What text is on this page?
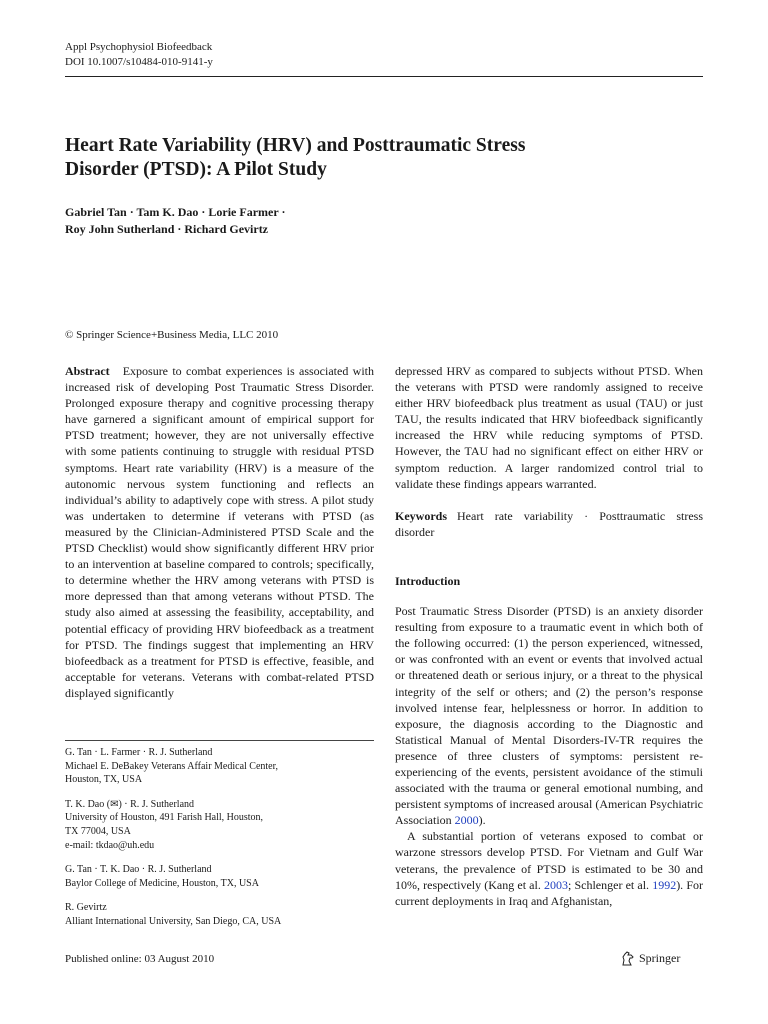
Appl Psychophysiol Biofeedback
DOI 10.1007/s10484-010-9141-y
Heart Rate Variability (HRV) and Posttraumatic Stress
Disorder (PTSD): A Pilot Study
Gabriel Tan · Tam K. Dao · Lorie Farmer ·
Roy John Sutherland · Richard Gevirtz
© Springer Science+Business Media, LLC 2010

Abstract Exposure to combat experiences is associated with increased risk of developing Post Traumatic Stress Disorder. Prolonged exposure therapy and cognitive processing therapy have garnered a significant amount of empirical support for PTSD treatment; however, they are not universally effective with some patients continuing to struggle with residual PTSD symptoms. Heart rate variability (HRV) is a measure of the autonomic nervous system functioning and reflects an individual’s ability to adaptively cope with stress. A pilot study was undertaken to determine if veterans with PTSD (as measured by the Clinician-Administered PTSD Scale and the PTSD Checklist) would show significantly different HRV prior to an intervention at baseline compared to controls; specifically, to determine whether the HRV among veterans with PTSD is more depressed than that among veterans without PTSD. The study also aimed at assessing the feasibility, acceptability, and potential efficacy of providing HRV biofeedback as a treatment for PTSD. The findings suggest that implementing an HRV biofeedback as a treatment for PTSD is effective, feasible, and acceptable for veterans. Veterans with combat-related PTSD displayed significantly

G. Tan · L. Farmer · R. J. Sutherland
Michael E. DeBakey Veterans Affair Medical Center,
Houston, TX, USA
T. K. Dao (✉) · R. J. Sutherland
University of Houston, 491 Farish Hall, Houston,
TX 77004, USA
e-mail: tkdao@uh.edu
G. Tan · T. K. Dao · R. J. Sutherland
Baylor College of Medicine, Houston, TX, USA
R. Gevirtz
Alliant International University, San Diego, CA, USA

depressed HRV as compared to subjects without PTSD. When the veterans with PTSD were randomly assigned to receive either HRV biofeedback plus treatment as usual (TAU) or just TAU, the results indicated that HRV biofeedback significantly increased the HRV while reducing symptoms of PTSD. However, the TAU had no significant effect on either HRV or symptom reduction. A larger randomized control trial to validate these findings appears warranted.

Keywords Heart rate variability · Posttraumatic stress disorder

Introduction

Post Traumatic Stress Disorder (PTSD) is an anxiety disorder resulting from exposure to a traumatic event in which both of the following occurred: (1) the person experienced, witnessed, or was confronted with an event or events that involved actual or threatened death or serious injury, or a threat to the physical integrity of the self or others; and (2) the person’s response involved intense fear, helplessness or horror. In addition to exposure, the diagnosis according to the Diagnostic and Statistical Manual of Mental Disorders-IV-TR requires the presence of three clusters of symptoms: persistent re-experiencing of the events, persistent avoidance of the stimuli associated with the trauma or general emotional numbing, and persistent symptoms of increased arousal (American Psychiatric Association 2000).

A substantial portion of veterans exposed to combat or warzone stressors develop PTSD. For Vietnam and Gulf War veterans, the prevalence of PTSD is estimated to be 30 and 10%, respectively (Kang et al. 2003; Schlenger et al. 1992). For current deployments in Iraq and Afghanistan,

Published online: 03 August 2010	Springer
